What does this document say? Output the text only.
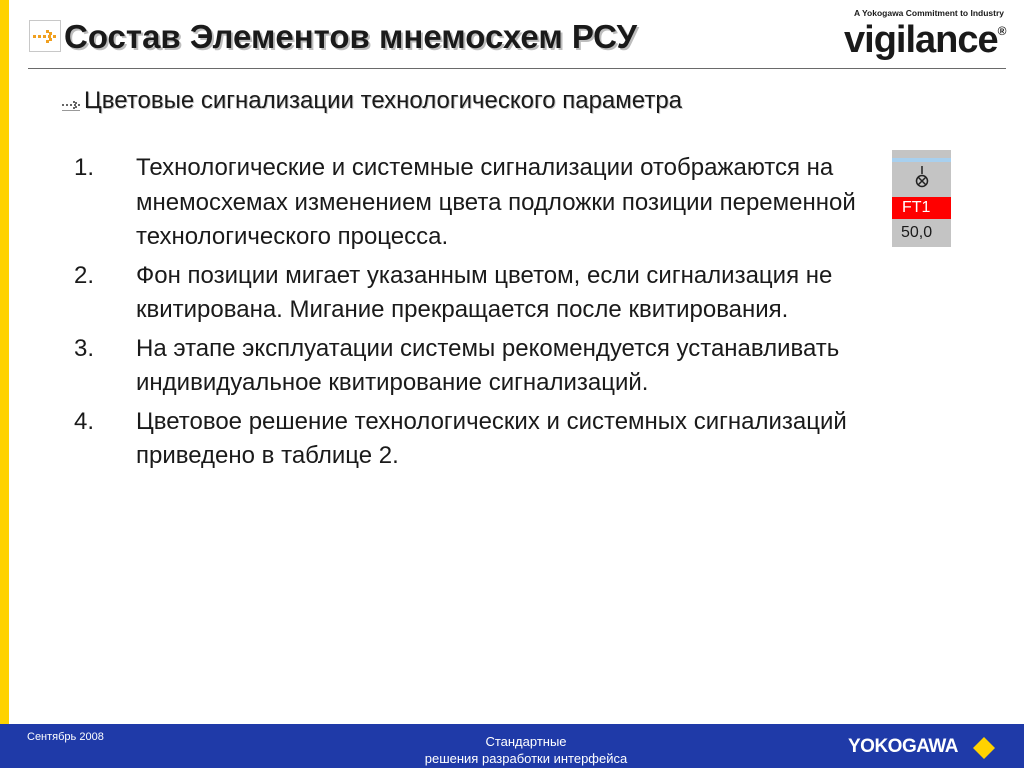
Состав Элементов мнемосхем РСУ
A Yokogawa Commitment to Industry
vigilance®
Цветовые сигнализации технологического параметра
1.	Технологические и системные сигнализации отображаются на мнемосхемах изменением цвета подложки позиции переменной технологического процесса.
2.	Фон позиции мигает указанным цветом, если сигнализация не квитирована. Мигание прекращается после квитирования.
3.	На этапе эксплуатации системы рекомендуется устанавливать индивидуальное квитирование сигнализаций.
4.	Цветовое решение технологических и системных сигнализаций приведено в таблице 2.
FT1
50,0
Сентябрь 2008	Стандартные
решения разработки интерфейса
YOKOGAWA
